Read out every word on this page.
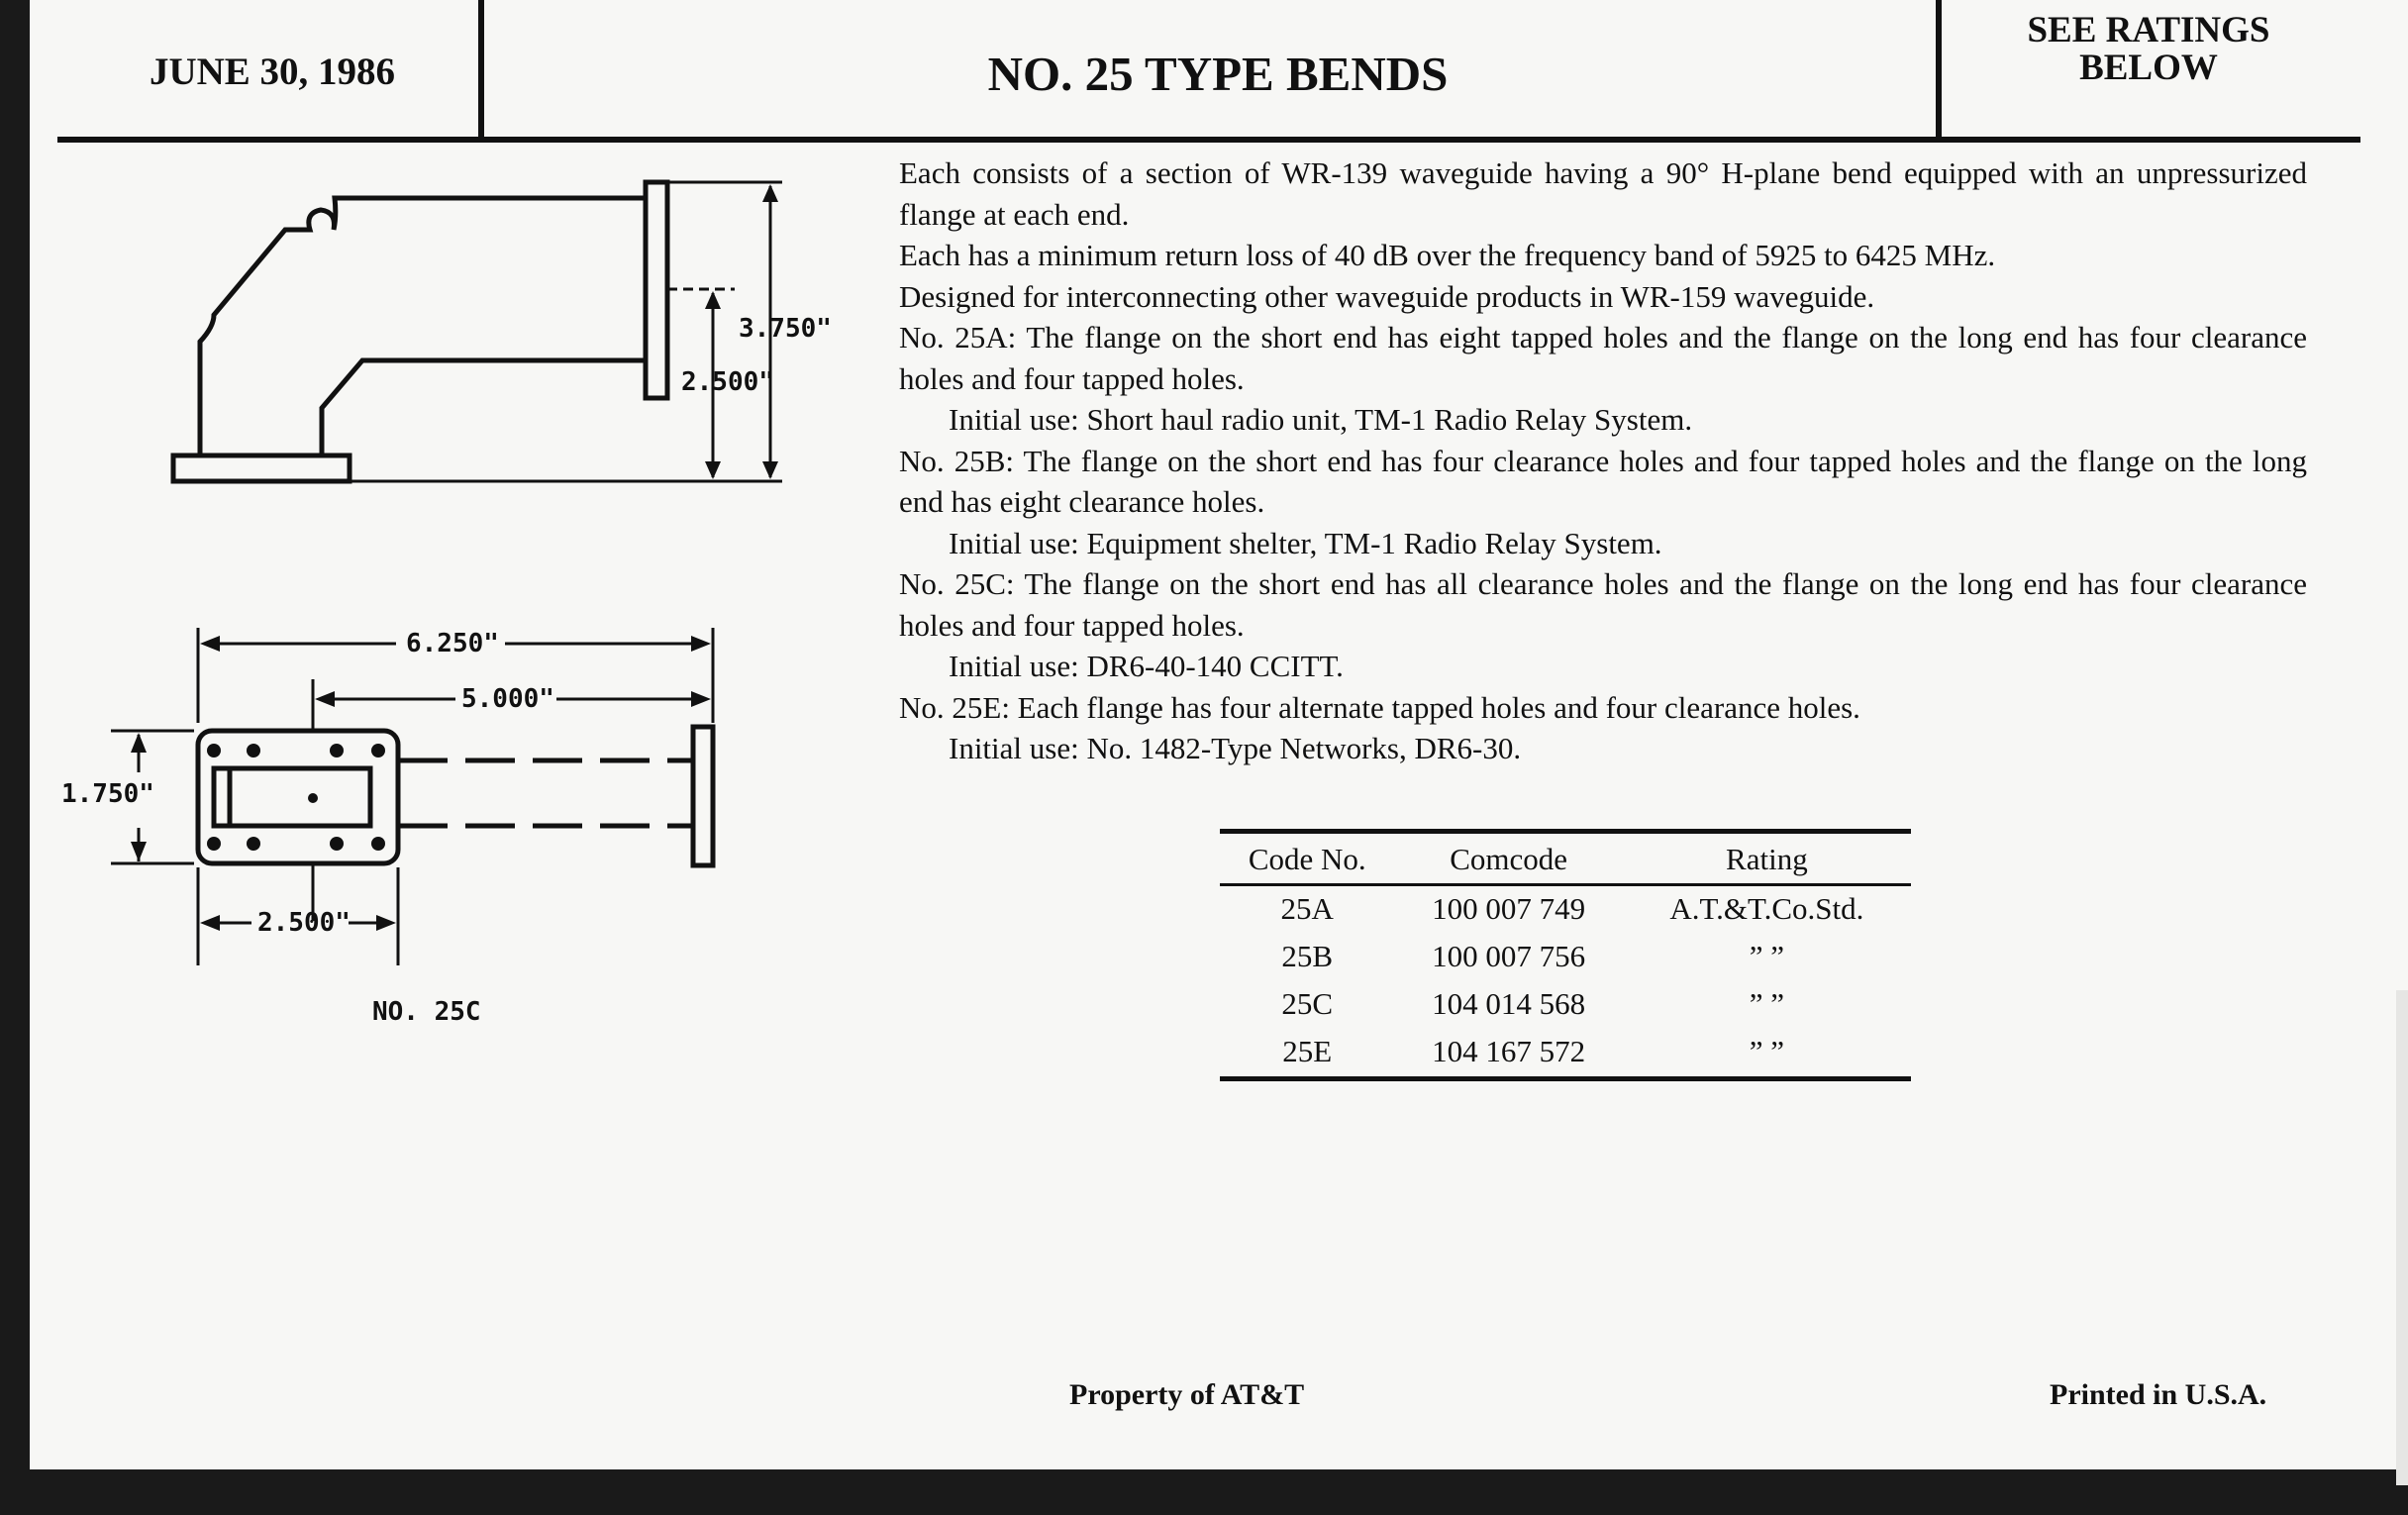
JUNE 30, 1986	NO. 25 TYPE BENDS
SEE RATINGS
BELOW
3.750"
2.500"
6.250"
5.000"
1.750"
2.500"
NO. 25C
Each consists of a section of WR-139 waveguide having a 90° H-plane bend equipped with an unpressurized flange at each end.
Each has a minimum return loss of 40 dB over the frequency band of 5925 to 6425 MHz.
Designed for interconnecting other waveguide products in WR-159 waveguide.
No. 25A: The flange on the short end has eight tapped holes and the flange on the long end has four clearance holes and four tapped holes.
Initial use: Short haul radio unit, TM-1 Radio Relay System.
No. 25B: The flange on the short end has four clearance holes and four tapped holes and the flange on the long end has eight clearance holes.
Initial use: Equipment shelter, TM-1 Radio Relay System.
No. 25C: The flange on the short end has all clearance holes and the flange on the long end has four clearance holes and four tapped holes.
Initial use: DR6-40-140 CCITT.
No. 25E: Each flange has four alternate tapped holes and four clearance holes.
Initial use: No. 1482-Type Networks, DR6-30.
Code No.	Comcode	Rating
25A	100 007 749	A.T.&T.Co.Std.
25B	100 007 756	” ”
25C	104 014 568	” ”
25E	104 167 572	” ”
Property of AT&T	Printed in U.S.A.
